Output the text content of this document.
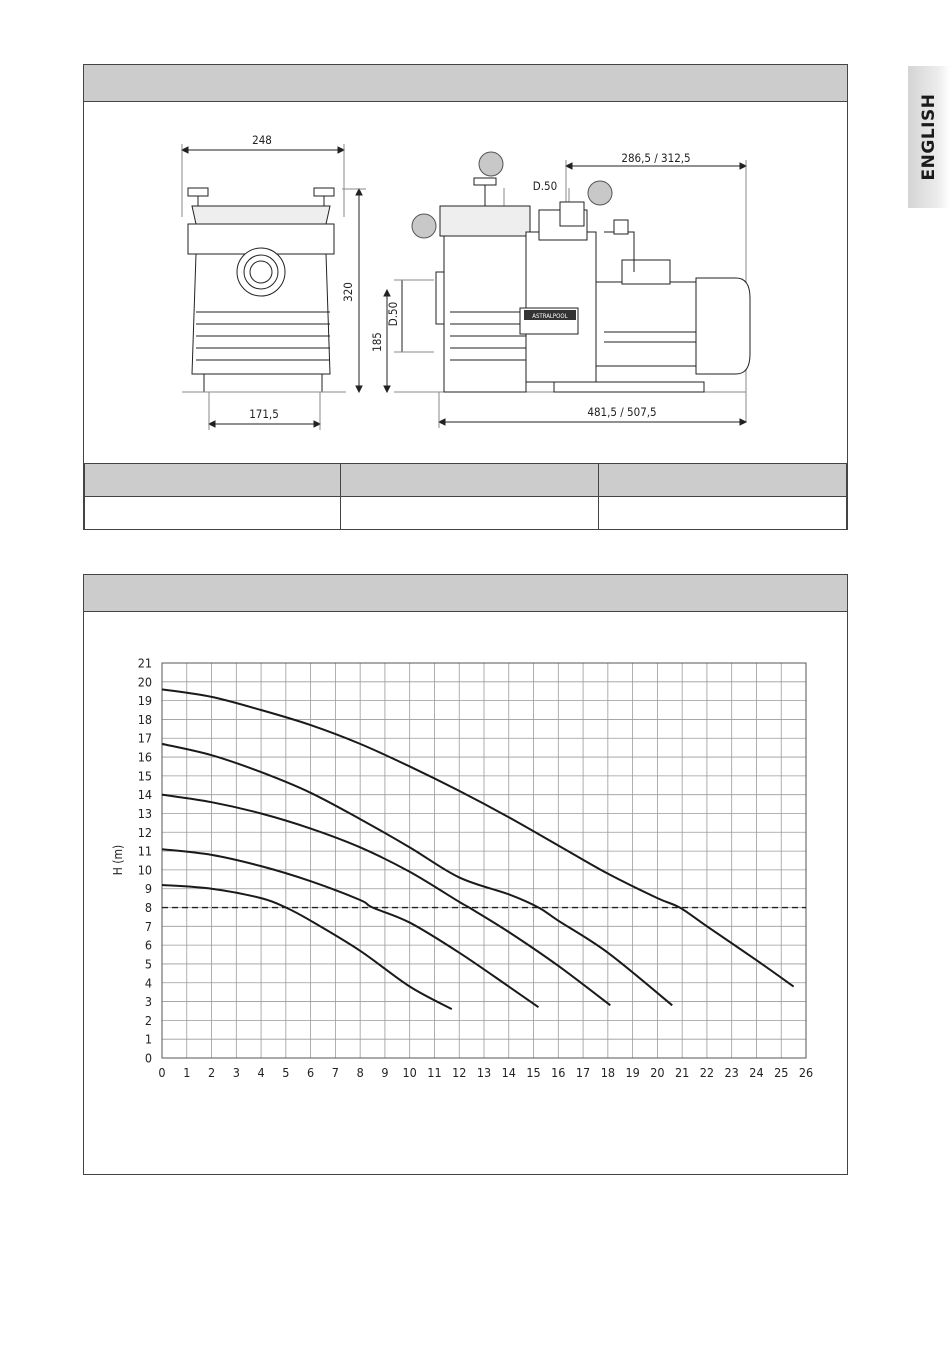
ENGLISH
ASTRALPOOL
248
320
171,5
185
D.50
D.50
286,5 / 312,5
481,5 / 507,5

0 1 2 3 4 5 6 7 8 9 10 11 12 13 14 15 16 17 18 19 20 21 22 23 24 25 26
0
1
2
3
4
5
6
7
8
9
10
11
12
13
14
15
16
17
18
19
20
21
H (m)
